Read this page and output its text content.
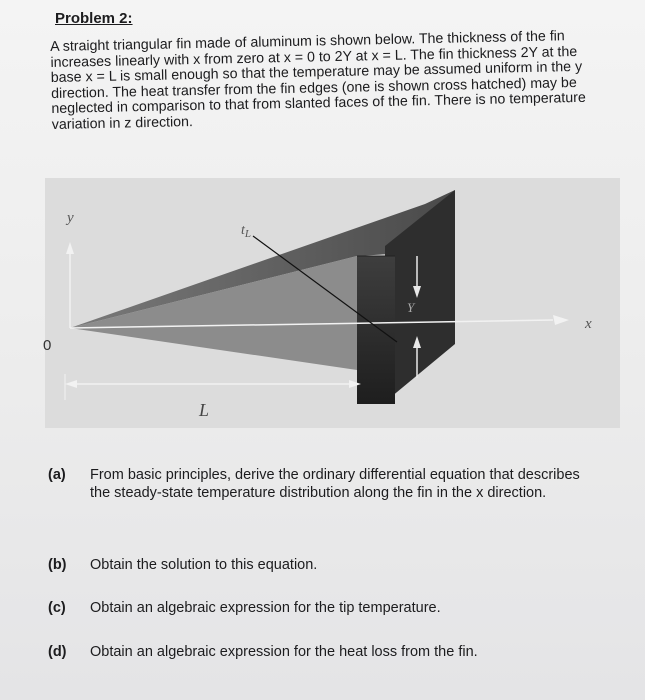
Problem 2:
A straight triangular fin made of aluminum is shown below. The thickness of the fin increases linearly with x from zero at x = 0 to 2Y at x = L. The fin thickness 2Y at the base x = L is small enough so that the temperature may be assumed uniform in the y direction. The heat transfer from the fin edges (one is shown cross hatched) may be neglected in comparison to that from slanted faces of the fin. There is no temperature variation in z direction.
y
x
0
$t_L$
Y
L
(a)	From basic principles, derive the ordinary differential equation that describes the steady-state temperature distribution along the fin in the x direction.
(b)	Obtain the solution to this equation.
(c)	Obtain an algebraic expression for the tip temperature.
(d)	Obtain an algebraic expression for the heat loss from the fin.
